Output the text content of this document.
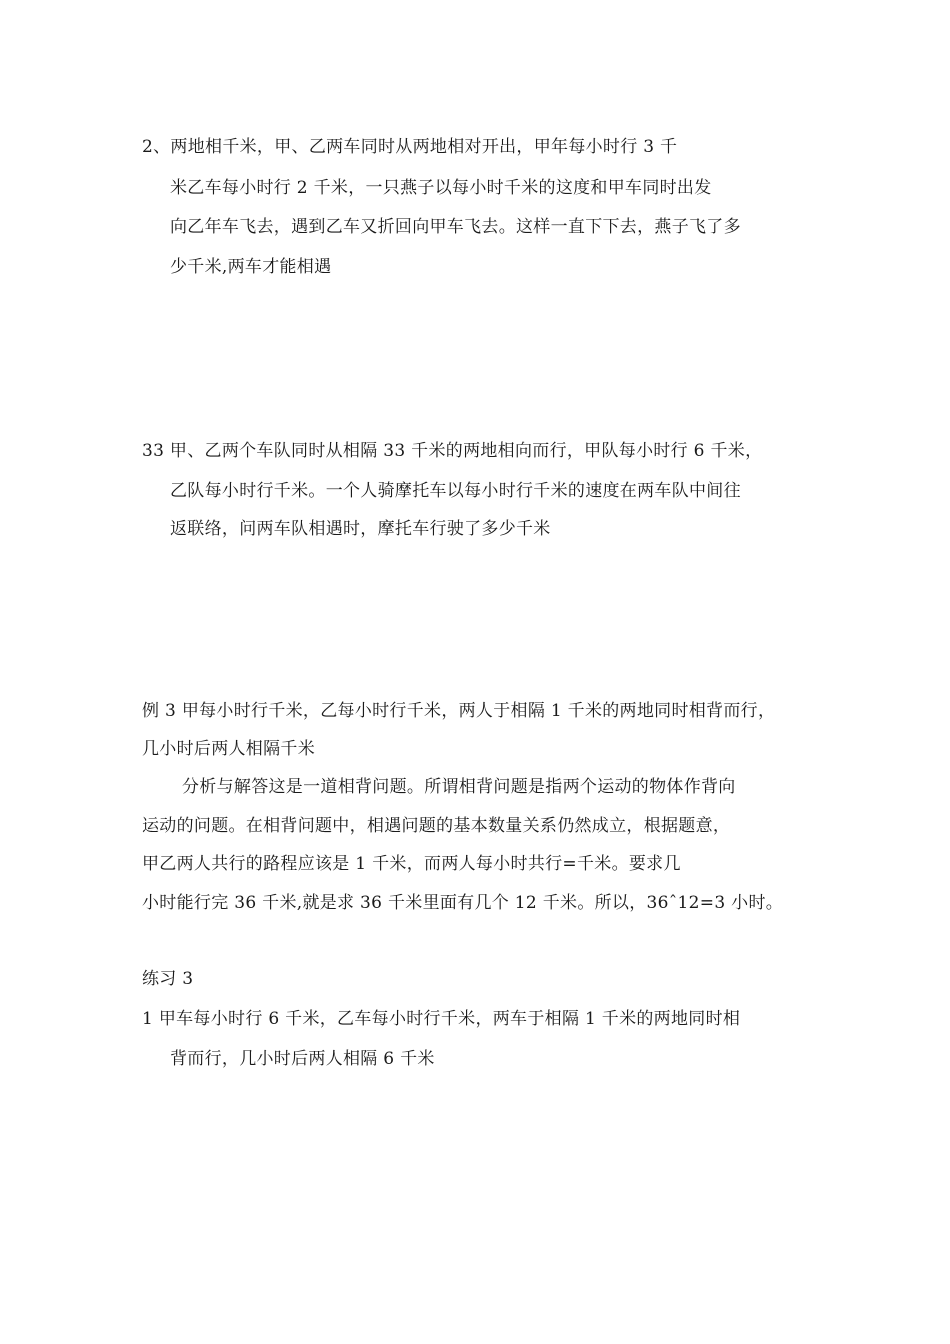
2、两地相千米，甲、乙两车同时从两地相对开出，甲年每小时行 3 千
米乙车每小时行 2 千米，一只燕子以每小时千米的这度和甲车同时出发
向乙年车飞去，遇到乙车又折回向甲车飞去。这样一直下下去，燕子飞了多
少千米,两车才能相遇
33 甲、乙两个车队同时从相隔 33 千米的两地相向而行，甲队每小时行 6 千米，
乙队每小时行千米。一个人骑摩托车以每小时行千米的速度在两车队中间往
返联络，问两车队相遇时，摩托车行驶了多少千米
例 3 甲每小时行千米，乙每小时行千米，两人于相隔 1 千米的两地同时相背而行，
几小时后两人相隔千米
分析与解答这是一道相背问题。所谓相背问题是指两个运动的物体作背向
运动的问题。在相背问题中，相遇问题的基本数量关系仍然成立，根据题意，
甲乙两人共行的路程应该是 1 千米，而两人每小时共行=千米。要求几
小时能行完 36 千米,就是求 36 千米里面有几个 12 千米。所以，36ˆ12=3 小时。
练习 3
1 甲车每小时行 6 千米，乙车每小时行千米，两车于相隔 1 千米的两地同时相
背而行，几小时后两人相隔 6 千米
